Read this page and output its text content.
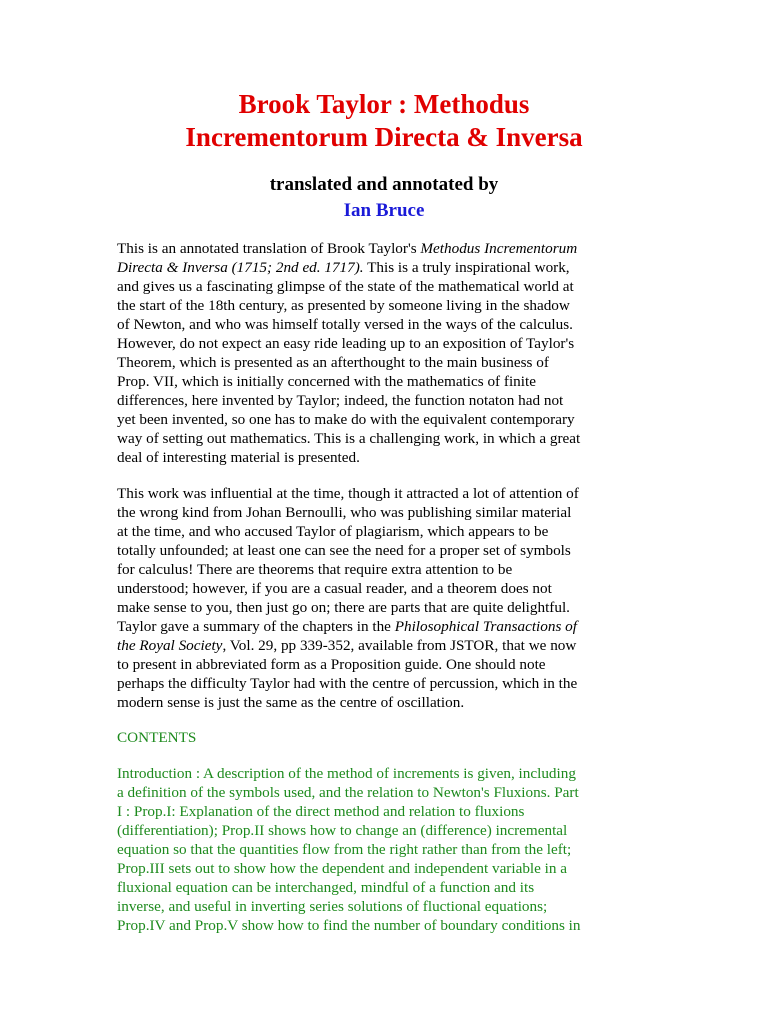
Brook Taylor : Methodus
Incrementorum Directa & Inversa
translated and annotated by
Ian Bruce

This is an annotated translation of Brook Taylor's Methodus Incrementorum
Directa & Inversa (1715; 2nd ed. 1717). This is a truly inspirational work,
and gives us a fascinating glimpse of the state of the mathematical world at
the start of the 18th century, as presented by someone living in the shadow
of Newton, and who was himself totally versed in the ways of the calculus.
However, do not expect an easy ride leading up to an exposition of Taylor's
Theorem, which is presented as an afterthought to the main business of
Prop. VII, which is initially concerned with the mathematics of finite
differences, here invented by Taylor; indeed, the function notaton had not
yet been invented, so one has to make do with the equivalent contemporary
way of setting out mathematics. This is a challenging work, in which a great
deal of interesting material is presented.

This work was influential at the time, though it attracted a lot of attention of
the wrong kind from Johan Bernoulli, who was publishing similar material
at the time, and who accused Taylor of plagiarism, which appears to be
totally unfounded; at least one can see the need for a proper set of symbols
for calculus! There are theorems that require extra attention to be
understood; however, if you are a casual reader, and a theorem does not
make sense to you, then just go on; there are parts that are quite delightful.
Taylor gave a summary of the chapters in the Philosophical Transactions of
the Royal Society, Vol. 29, pp 339-352, available from JSTOR, that we now
to present in abbreviated form as a Proposition guide. One should note
perhaps the difficulty Taylor had with the centre of percussion, which in the
modern sense is just the same as the centre of oscillation.

CONTENTS

Introduction : A description of the method of increments is given, including
a definition of the symbols used, and the relation to Newton's Fluxions. Part
I : Prop.I: Explanation of the direct method and relation to fluxions
(differentiation); Prop.II shows how to change an (difference) incremental
equation so that the quantities flow from the right rather than from the left;
Prop.III sets out to show how the dependent and independent variable in a
fluxional equation can be interchanged, mindful of a function and its
inverse, and useful in inverting series solutions of fluctional equations;
Prop.IV and Prop.V show how to find the number of boundary conditions in
